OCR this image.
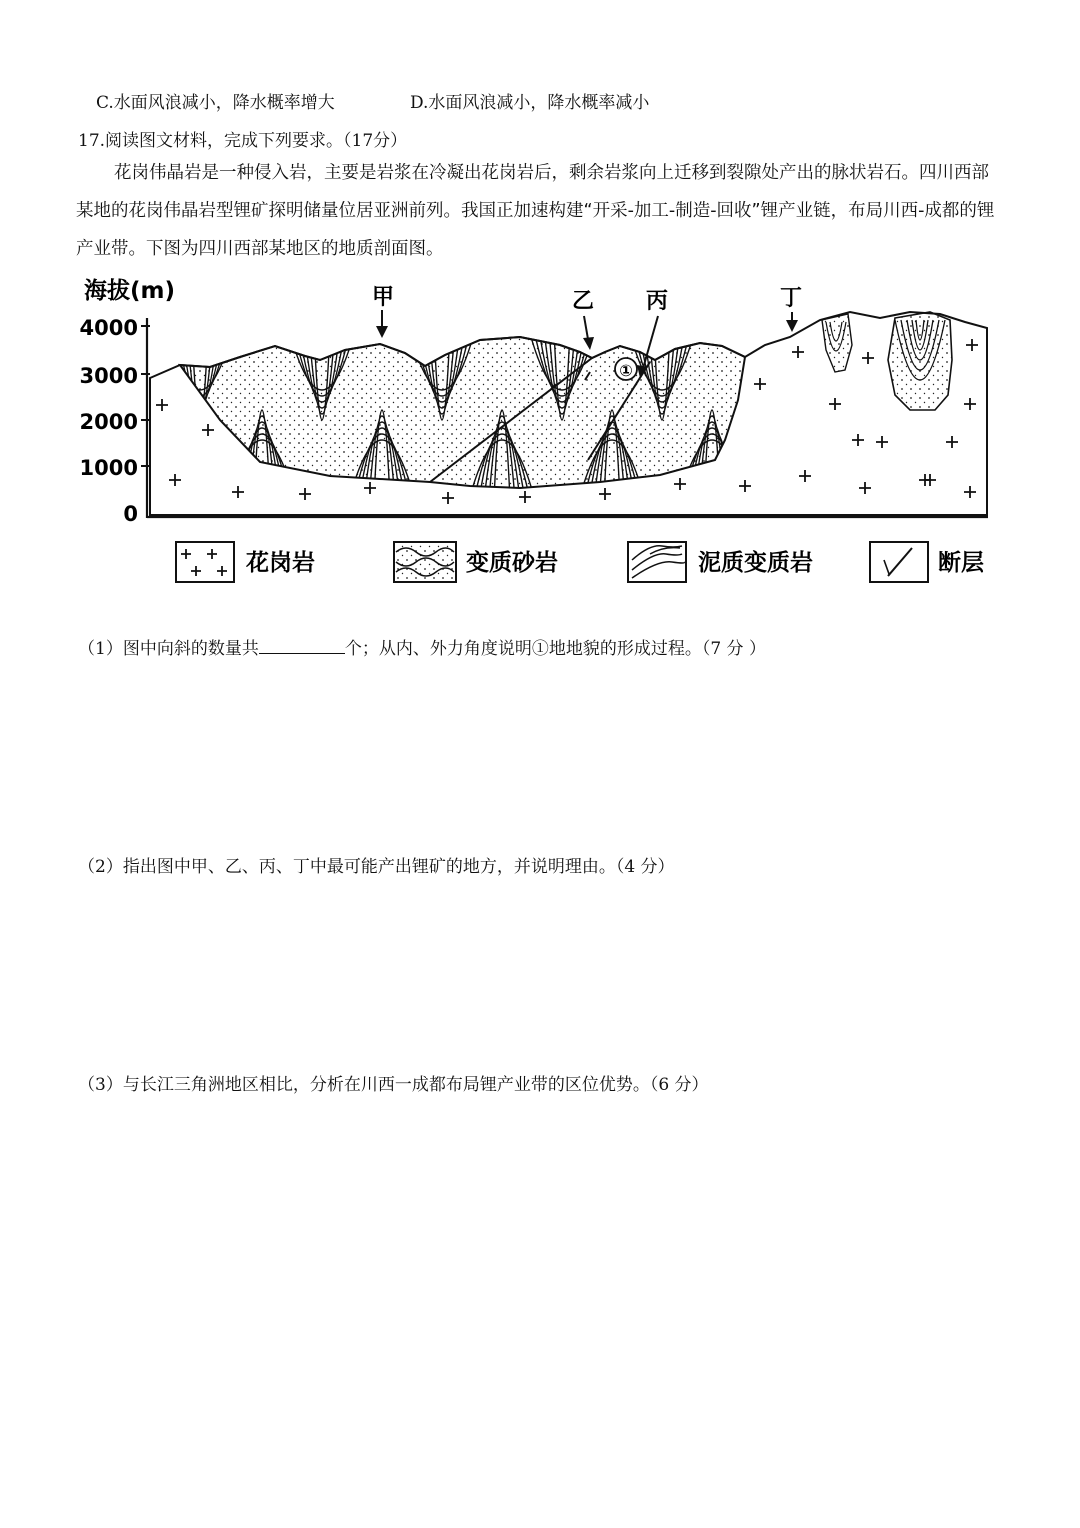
C.水面风浪减小，降水概率增大	D.水面风浪减小，降水概率减小
17.阅读图文材料，完成下列要求。（17分）
花岗伟晶岩是一种侵入岩，主要是岩浆在冷凝出花岗岩后，剩余岩浆向上迁移到裂隙处产出的脉状岩石。四川西部某地的花岗伟晶岩型锂矿探明储量位居亚洲前列。我国正加速构建“开采-加工-制造-回收”锂产业链，布局川西-成都的锂产业带。下图为四川西部某地区的地质剖面图。
海拔(m)
4000
3000
2000
1000
0
甲	乙 丙	丁
①
花岗岩	变质砂岩	泥质变质岩	断层
（1）图中向斜的数量共	个；从内、外力角度说明①地地貌的形成过程。（7 分 ）
（2）指出图中甲、乙、丙、丁中最可能产出锂矿的地方，并说明理由。（4 分）
（3）与长江三角洲地区相比，分析在川西一成都布局锂产业带的区位优势。（6 分）
